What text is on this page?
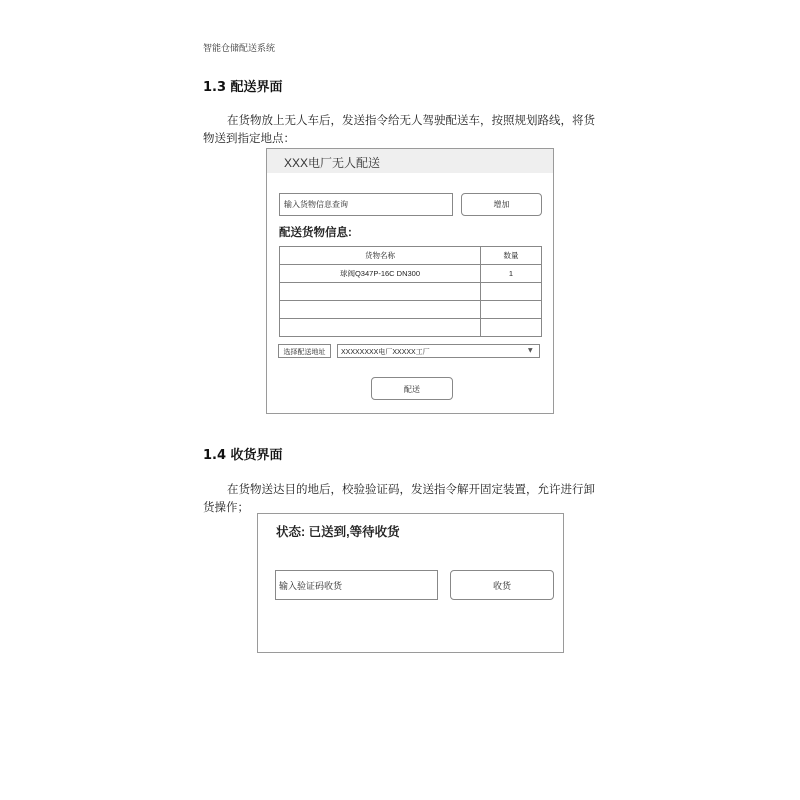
智能仓储配送系统
1.3 配送界面
在货物放上无人车后，发送指令给无人驾驶配送车，按照规划路线，将货物送到指定地点：
XXX电厂无人配送
输入货物信息查询	增加
配送货物信息:
货物名称	数量
球阀Q347P-16C DN300	1

选择配送地址	XXXXXXXX电厂XXXXX工厂	▼
配送
1.4 收货界面
在货物送达目的地后，校验验证码，发送指令解开固定装置，允许进行卸货操作；
状态: 已送到,等待收货
输入验证码收货	收货
